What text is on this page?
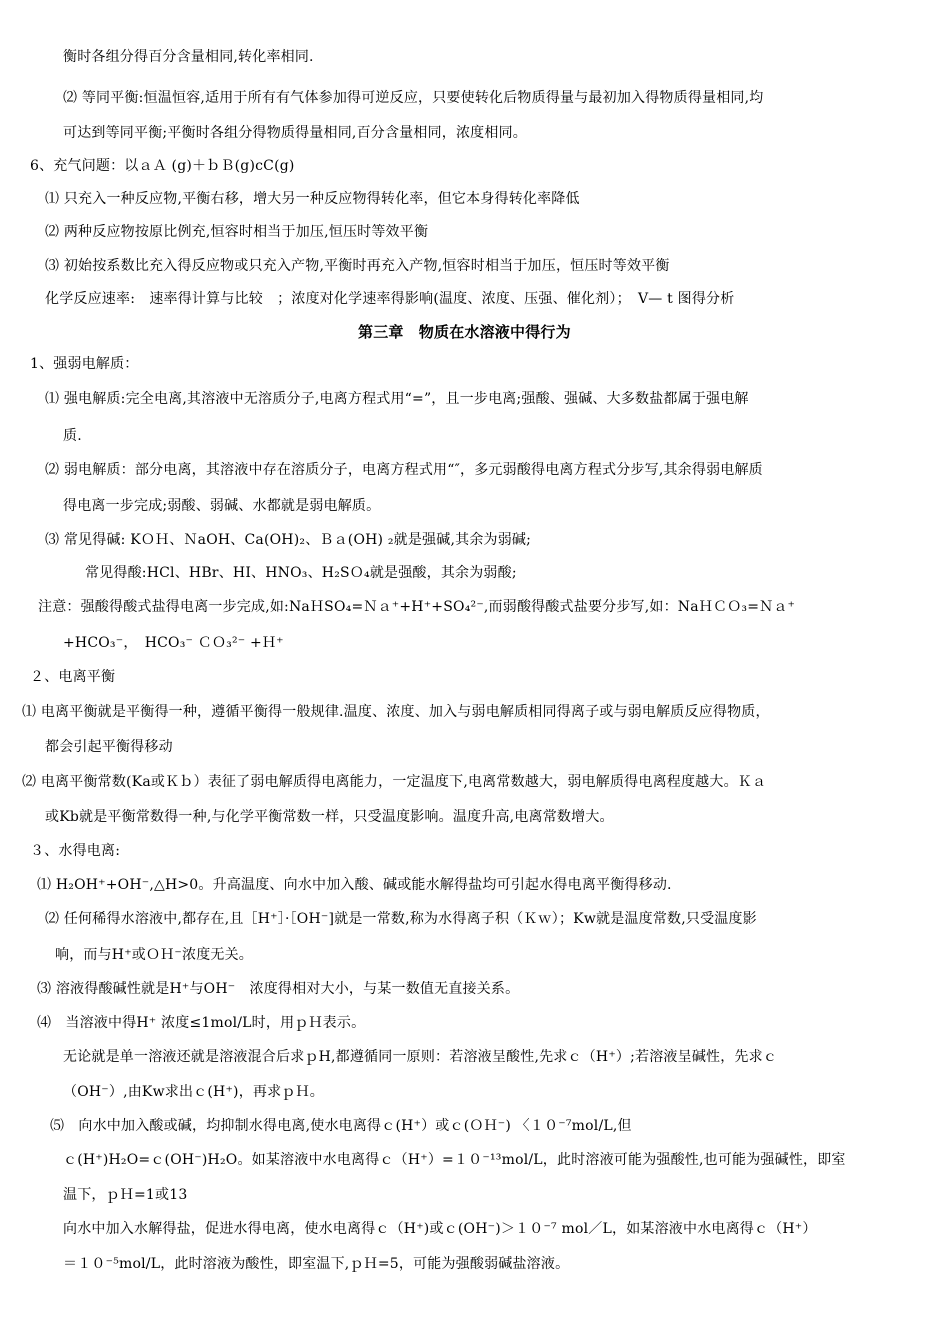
衡时各组分得百分含量相同,转化率相同.
⑵ 等同平衡:恒温恒容,适用于所有有气体参加得可逆反应，只要使转化后物质得量与最初加入得物质得量相同,均
可达到等同平衡;平衡时各组分得物质得量相同,百分含量相同，浓度相同。
6、充气问题：以ａＡ (g)＋ｂＢ(g)cC(g)
⑴ 只充入一种反应物,平衡右移，增大另一种反应物得转化率，但它本身得转化率降低
⑵ 两种反应物按原比例充,恒容时相当于加压,恒压时等效平衡
⑶ 初始按系数比充入得反应物或只充入产物,平衡时再充入产物,恒容时相当于加压，恒压时等效平衡
化学反应速率:　速率得计算与比较　；浓度对化学速率得影响(温度、浓度、压强、催化剂）；　V— t 图得分析
第三章　物质在水溶液中得行为
1、强弱电解质：
⑴ 强电解质:完全电离,其溶液中无溶质分子,电离方程式用“=”，且一步电离;强酸、强碱、大多数盐都属于强电解
质.
⑵ 弱电解质：部分电离，其溶液中存在溶质分子，电离方程式用“″，多元弱酸得电离方程式分步写,其余得弱电解质
得电离一步完成;弱酸、弱碱、水都就是弱电解质。
⑶ 常见得碱: KＯＨ、ＮaOH、Ca(OH)₂、Ｂａ(OH) ₂就是强碱,其余为弱碱;
常见得酸:HCl、HBr、HI、HNO₃、H₂SＯ₄就是强酸，其余为弱酸;
注意：强酸得酸式盐得电离一步完成,如:NaＨSO₄=Ｎａ⁺+H⁺+SO₄²⁻,而弱酸得酸式盐要分步写,如：NaＨＣＯ₃=Ｎａ⁺
+HCO₃⁻，　HCO₃⁻ ＣＯ₃²⁻ +Ｈ⁺
２、电离平衡
⑴ 电离平衡就是平衡得一种，遵循平衡得一般规律.温度、浓度、加入与弱电解质相同得离子或与弱电解质反应得物质，
都会引起平衡得移动
⑵ 电离平衡常数(Ka或Ｋｂ）表征了弱电解质得电离能力，一定温度下,电离常数越大，弱电解质得电离程度越大。Ｋａ
或Kb就是平衡常数得一种,与化学平衡常数一样，只受温度影响。温度升高,电离常数增大。
３、水得电离:
⑴ H₂OH⁺+OH⁻,△H>0。升高温度、向水中加入酸、碱或能水解得盐均可引起水得电离平衡得移动.
⑵ 任何稀得水溶液中,都存在,且［H⁺］·［OH⁻]就是一常数,称为水得离子积（Ｋｗ）；Kw就是温度常数,只受温度影
响，而与H⁺或ＯＨ⁻浓度无关。
⑶ 溶液得酸碱性就是H⁺与OH⁻　浓度得相对大小，与某一数值无直接关系。
⑷　当溶液中得H⁺ 浓度≤1mol/L时，用ｐＨ表示。
无论就是单一溶液还就是溶液混合后求ｐH,都遵循同一原则：若溶液呈酸性,先求ｃ（H⁺）;若溶液呈碱性，先求ｃ
（OH⁻）,由Kw求出ｃ(H⁺)，再求ｐＨ。
⑸　向水中加入酸或碱，均抑制水得电离,使水电离得ｃ(H⁺）或ｃ(ＯＨ⁻) 〈１０⁻⁷mol/L,但
ｃ(H⁺)H₂O=ｃ(OH⁻)H₂O。如某溶液中水电离得ｃ（H⁺）=１０⁻¹³mol/L，此时溶液可能为强酸性,也可能为强碱性，即室
温下，ｐＨ=1或13
向水中加入水解得盐，促进水得电离，使水电离得ｃ（H⁺)或ｃ(OH⁻)＞１０⁻⁷ mol／L，如某溶液中水电离得ｃ（H⁺）
＝１０⁻⁵mol/L，此时溶液为酸性，即室温下,ｐＨ=5，可能为强酸弱碱盐溶液。
